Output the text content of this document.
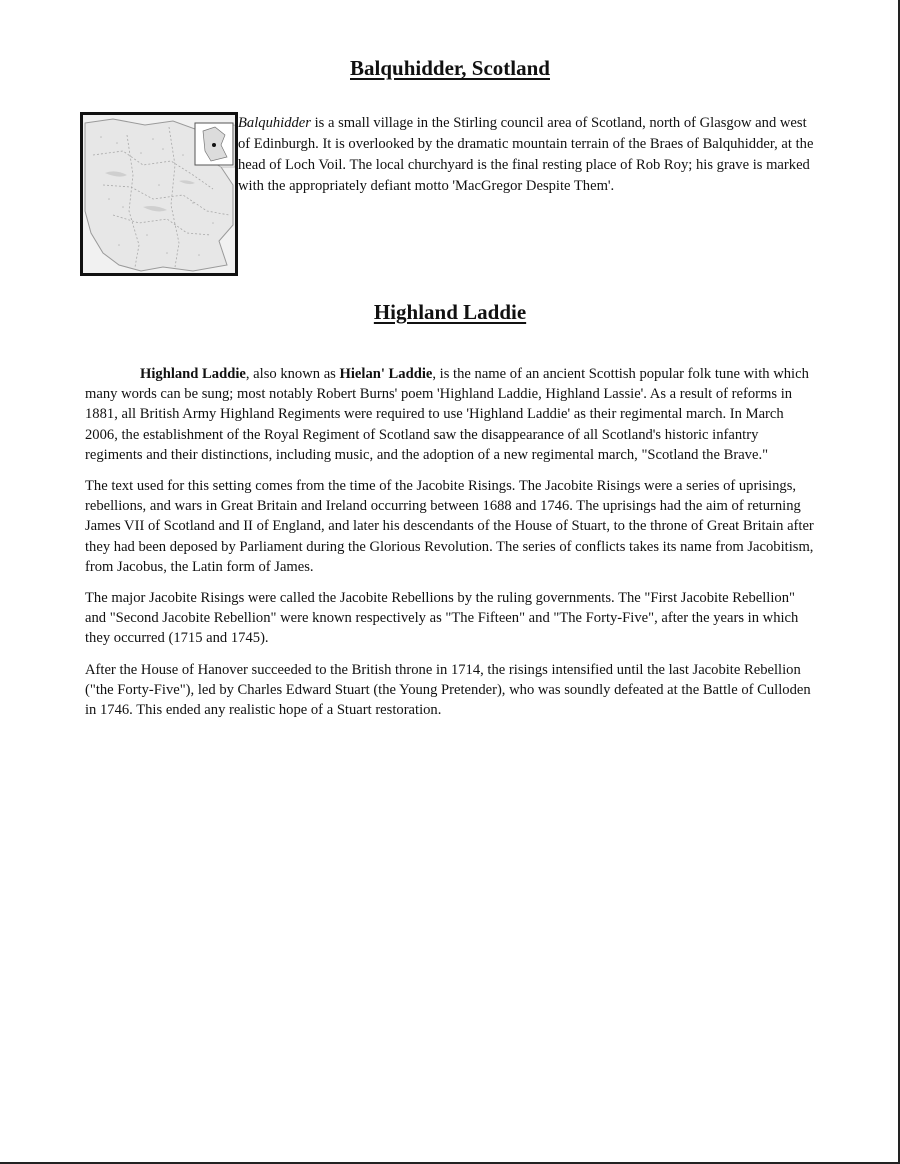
Balquhidder, Scotland

Balquhidder is a small village in the Stirling council area of Scotland, north of Glasgow and west of Edinburgh. It is overlooked by the dramatic mountain terrain of the Braes of Balquhidder, at the head of Loch Voil. The local churchyard is the final resting place of Rob Roy; his grave is marked with the appropriately defiant motto 'MacGregor Despite Them'.

Highland Laddie

Highland Laddie, also known as Hielan' Laddie, is the name of an ancient Scottish popular folk tune with which many words can be sung; most notably Robert Burns' poem 'Highland Laddie, Highland Lassie'. As a result of reforms in 1881, all British Army Highland Regiments were required to use 'Highland Laddie' as their regimental march. In March 2006, the establishment of the Royal Regiment of Scotland saw the disappearance of all Scotland's historic infantry regiments and their distinctions, including music, and the adoption of a new regimental march, "Scotland the Brave."

The text used for this setting comes from the time of the Jacobite Risings. The Jacobite Risings were a series of uprisings, rebellions, and wars in Great Britain and Ireland occurring between 1688 and 1746. The uprisings had the aim of returning James VII of Scotland and II of England, and later his descendants of the House of Stuart, to the throne of Great Britain after they had been deposed by Parliament during the Glorious Revolution. The series of conflicts takes its name from Jacobitism, from Jacobus, the Latin form of James.

The major Jacobite Risings were called the Jacobite Rebellions by the ruling governments. The "First Jacobite Rebellion" and "Second Jacobite Rebellion" were known respectively as "The Fifteen" and "The Forty-Five", after the years in which they occurred (1715 and 1745).

After the House of Hanover succeeded to the British throne in 1714, the risings intensified until the last Jacobite Rebellion ("the Forty-Five"), led by Charles Edward Stuart (the Young Pretender), who was soundly defeated at the Battle of Culloden in 1746. This ended any realistic hope of a Stuart restoration.
